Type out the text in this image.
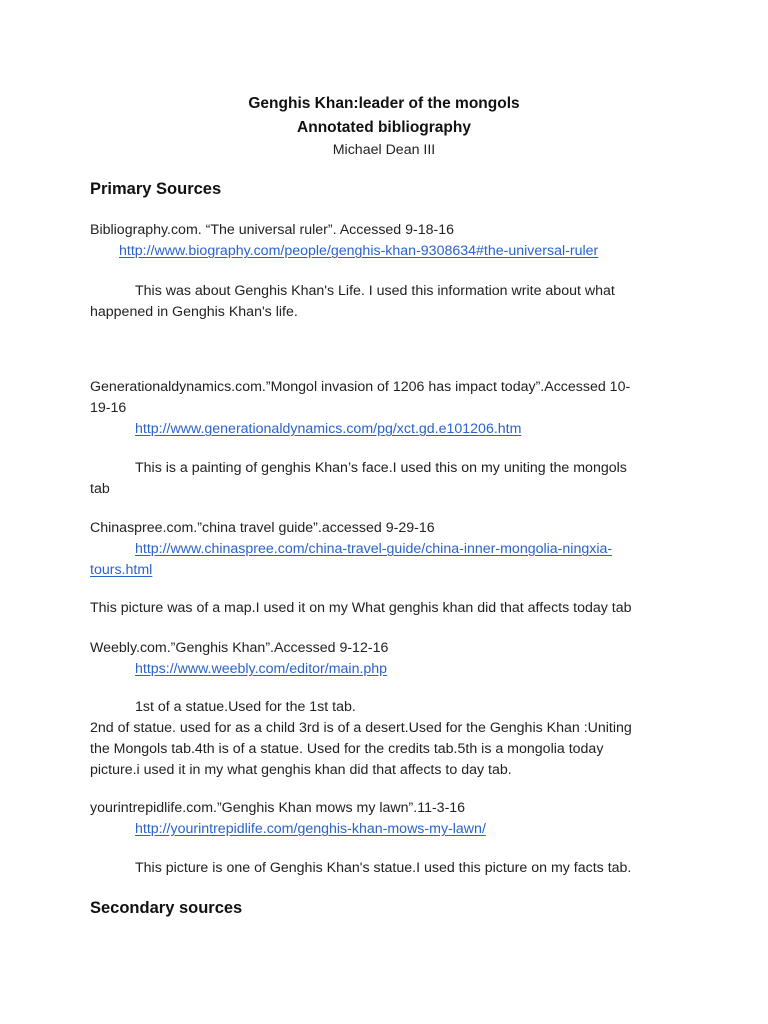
Genghis Khan:leader of the mongols
Annotated bibliography
Michael Dean III
Primary Sources
Bibliography.com. “The universal ruler”. Accessed 9-18-16
http://www.biography.com/people/genghis-khan-9308634#the-universal-ruler
This was about Genghis Khan's Life. I used this information write about what
happened in Genghis Khan's life.
Generationaldynamics.com.”Mongol invasion of 1206 has impact today”.Accessed 10-
19-16
http://www.generationaldynamics.com/pg/xct.gd.e101206.htm
This is a painting of genghis Khan’s face.I used this on my uniting the mongols
tab
Chinaspree.com.”china travel guide”.accessed 9-29-16
http://www.chinaspree.com/china-travel-guide/china-inner-mongolia-ningxia-
tours.html
This picture was of a map.I used it on my What genghis khan did that affects today tab
Weebly.com.”Genghis Khan”.Accessed 9-12-16
https://www.weebly.com/editor/main.php
1st of a statue.Used for the 1st tab.
2nd of statue. used for as a child 3rd is of a desert.Used for the Genghis Khan :Uniting
the Mongols tab.4th is of a statue. Used for the credits tab.5th is a mongolia today
picture.i used it in my what genghis khan did that affects to day tab.
yourintrepidlife.com.”Genghis Khan mows my lawn”.11-3-16
http://yourintrepidlife.com/genghis-khan-mows-my-lawn/
This picture is one of Genghis Khan's statue.I used this picture on my facts tab.
Secondary sources
